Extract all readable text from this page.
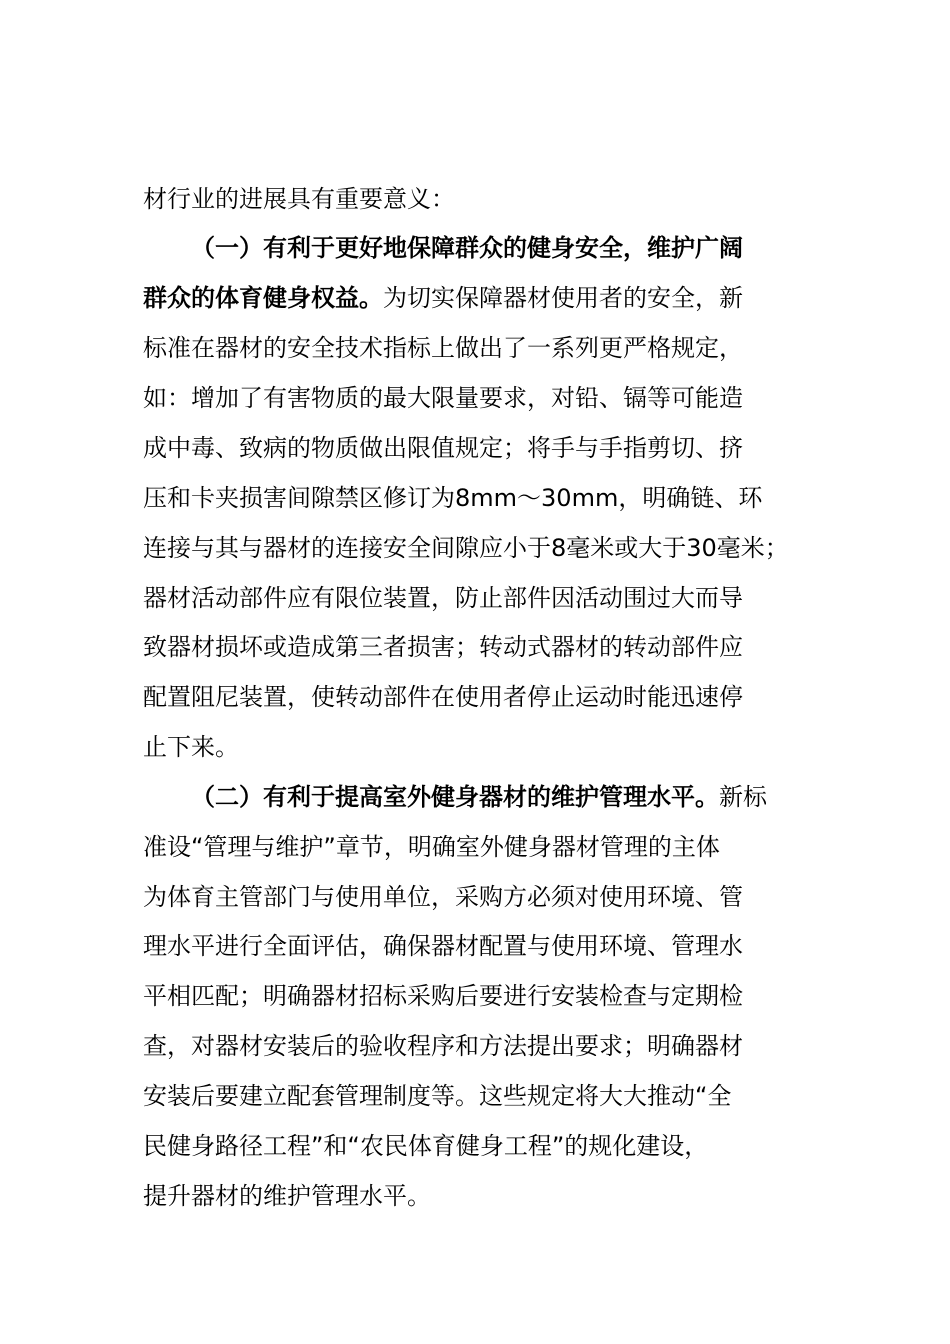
材行业的进展具有重要意义：
（一）有利于更好地保障群众的健身安全，维护广阔
群众的体育健身权益。为切实保障器材使用者的安全，新
标准在器材的安全技术指标上做出了一系列更严格规定，
如：增加了有害物质的最大限量要求，对铅、镉等可能造
成中毒、致病的物质做出限值规定；将手与手指剪切、挤
压和卡夹损害间隙禁区修订为8mm～30mm，明确链、环
连接与其与器材的连接安全间隙应小于8毫米或大于30毫米；
器材活动部件应有限位装置，防止部件因活动围过大而导
致器材损坏或造成第三者损害；转动式器材的转动部件应
配置阻尼装置，使转动部件在使用者停止运动时能迅速停
止下来。
（二）有利于提高室外健身器材的维护管理水平。新标
准设“管理与维护”章节，明确室外健身器材管理的主体
为体育主管部门与使用单位，采购方必须对使用环境、管
理水平进行全面评估，确保器材配置与使用环境、管理水
平相匹配；明确器材招标采购后要进行安装检查与定期检
查，对器材安装后的验收程序和方法提出要求；明确器材
安装后要建立配套管理制度等。这些规定将大大推动“全
民健身路径工程”和“农民体育健身工程”的规化建设，
提升器材的维护管理水平。
